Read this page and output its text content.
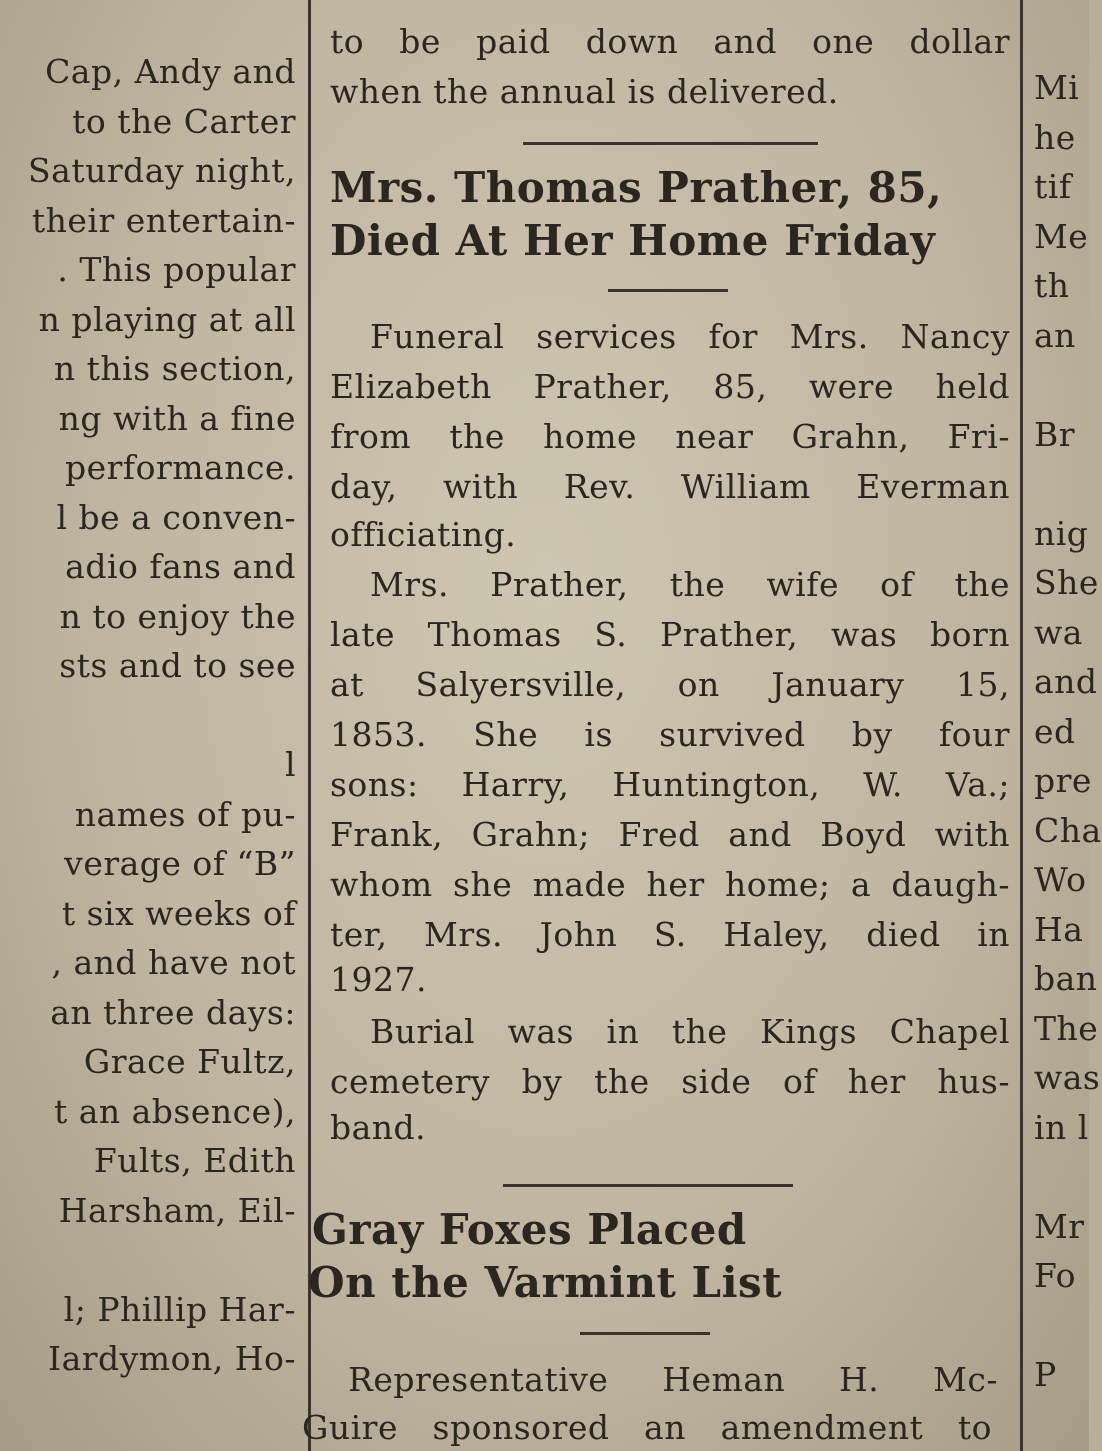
Cap, Andy and
to the Carter
Saturday night,
their entertain-
. This popular
n playing at all
n this section,
ng with a fine
performance.
l be a conven-
adio fans and
n to enjoy the
sts and to see
l
names of pu-
verage of “B”
t six weeks of
, and have not
an three days:
Grace Fultz,
t an absence),
Fults, Edith
Harsham, Eil-
l; Phillip Har-
Iardymon, Ho-
to be paid down and one dollar
when the annual is delivered.
Mrs. Thomas Prather, 85,
Died At Her Home Friday
Funeral services for Mrs. Nancy
Elizabeth Prather, 85, were held
from the home near Grahn, Fri-
day, with Rev. William Everman
officiating.
Mrs. Prather, the wife of the
late Thomas S. Prather, was born
at Salyersville, on January 15,
1853. She is survived by four
sons: Harry, Huntington, W. Va.;
Frank, Grahn; Fred and Boyd with
whom she made her home; a daugh-
ter, Mrs. John S. Haley, died in
1927.
Burial was in the Kings Chapel
cemetery by the side of her hus-
band.
Gray Foxes Placed
On the Varmint List
Representative Heman H. Mc-
Guire sponsored an amendment to
Mi
he
tif
Me
th
an
Br
nig
She
wa
and
ed
pre
Cha
Wo
Ha
ban
The
was
in l
Mr
Fo
P
